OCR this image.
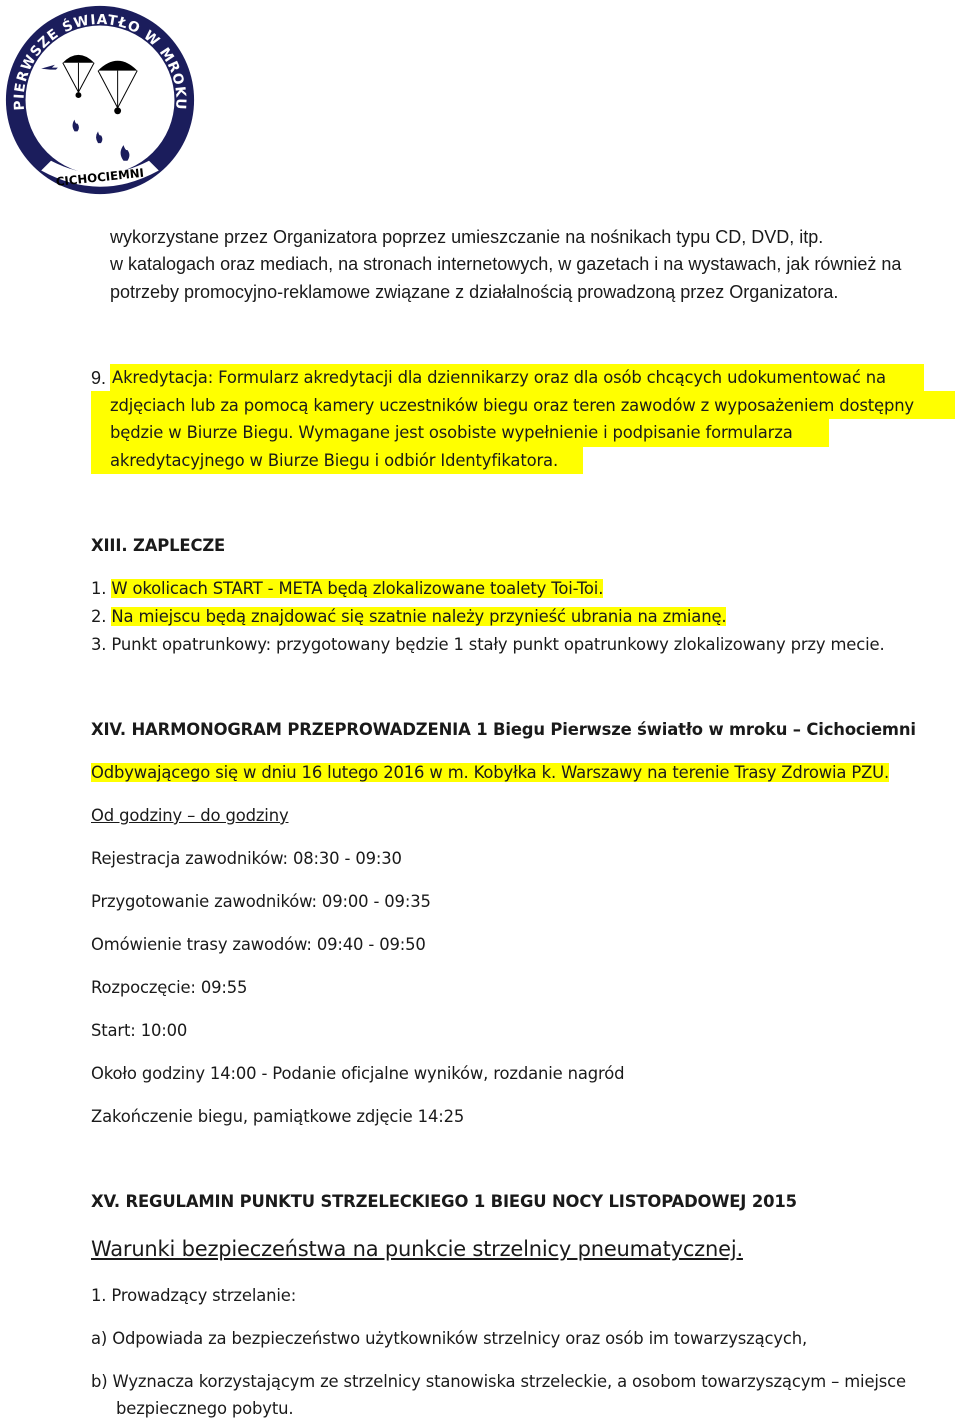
PIERWSZE ŚWIATŁO W MROKU
CICHOCIEMNI
wykorzystane przez Organizatora poprzez umieszczanie na nośnikach typu CD, DVD, itp.
w katalogach oraz mediach, na stronach internetowych, w gazetach i na wystawach, jak również na
potrzeby promocyjno-reklamowe związane z działalnością prowadzoną przez Organizatora.
9. Akredytacja: Formularz akredytacji dla dziennikarzy oraz dla osób chcących udokumentować na
zdjęciach lub za pomocą kamery uczestników biegu oraz teren zawodów z wyposażeniem dostępny
będzie w Biurze Biegu. Wymagane jest osobiste wypełnienie i podpisanie formularza
akredytacyjnego w Biurze Biegu i odbiór Identyfikatora.
XIII. ZAPLECZE
1. W okolicach START - META będą zlokalizowane toalety Toi-Toi.
2. Na miejscu będą znajdować się szatnie należy przynieść ubrania na zmianę.
3. Punkt opatrunkowy: przygotowany będzie 1 stały punkt opatrunkowy zlokalizowany przy mecie.
XIV. HARMONOGRAM PRZEPROWADZENIA 1 Biegu Pierwsze światło w mroku – Cichociemni
Odbywającego się w dniu 16 lutego 2016 w m. Kobyłka k. Warszawy na terenie Trasy Zdrowia PZU.
Od godziny – do godziny
Rejestracja zawodników: 08:30 - 09:30
Przygotowanie zawodników: 09:00 - 09:35
Omówienie trasy zawodów: 09:40 - 09:50
Rozpoczęcie: 09:55
Start: 10:00
Około godziny 14:00 - Podanie oficjalne wyników, rozdanie nagród
Zakończenie biegu, pamiątkowe zdjęcie 14:25
XV. REGULAMIN PUNKTU STRZELECKIEGO 1 BIEGU NOCY LISTOPADOWEJ 2015
Warunki bezpieczeństwa na punkcie strzelnicy pneumatycznej.
1. Prowadzący strzelanie:
a) Odpowiada za bezpieczeństwo użytkowników strzelnicy oraz osób im towarzyszących,
b) Wyznacza korzystającym ze strzelnicy stanowiska strzeleckie, a osobom towarzyszącym – miejsce
bezpiecznego pobytu.
